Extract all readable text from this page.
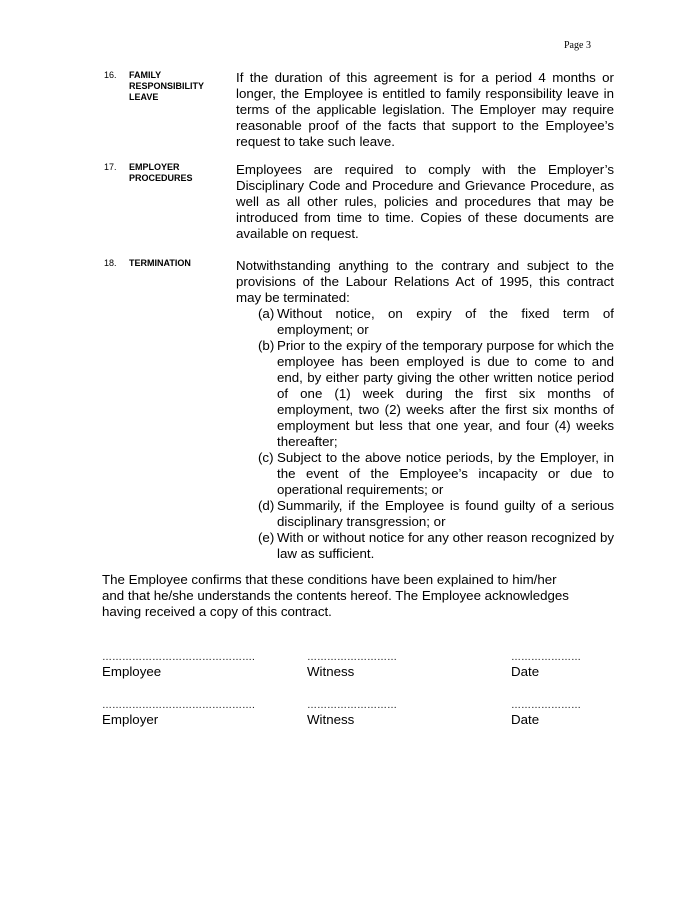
Page 3
16. FAMILY RESPONSIBILITY LEAVE
If the duration of this agreement is for a period 4 months or longer, the Employee is entitled to family responsibility leave in terms of the applicable legislation. The Employer may require reasonable proof of the facts that support to the Employee’s request to take such leave.
17. EMPLOYER PROCEDURES
Employees are required to comply with the Employer’s Disciplinary Code and Procedure and Grievance Procedure, as well as all other rules, policies and procedures that may be introduced from time to time. Copies of these documents are available on request.
18. TERMINATION	Notwithstanding anything to the contrary and subject to the provisions of the Labour Relations Act of 1995, this contract may be terminated:
(a) Without notice, on expiry of the fixed term of employment; or
(b) Prior to the expiry of the temporary purpose for which the employee has been employed is due to come to and end, by either party giving the other written notice period of one (1) week during the first six months of employment, two (2) weeks after the first six months of employment but less that one year, and four (4) weeks thereafter;
(c) Subject to the above notice periods, by the Employer, in the event of the Employee’s incapacity or due to operational requirements; or
(d) Summarily, if the Employee is found guilty of a serious disciplinary transgression; or
(e) With or without notice for any other reason recognized by law as sufficient.
The Employee confirms that these conditions have been explained to him/her and that he/she understands the contents hereof. The Employee acknowledges having received a copy of this contract.
……………………………………….
Employee
………………………
Witness
…………………
Date
……………………………………….
Employer
………………………
Witness
…………………
Date
